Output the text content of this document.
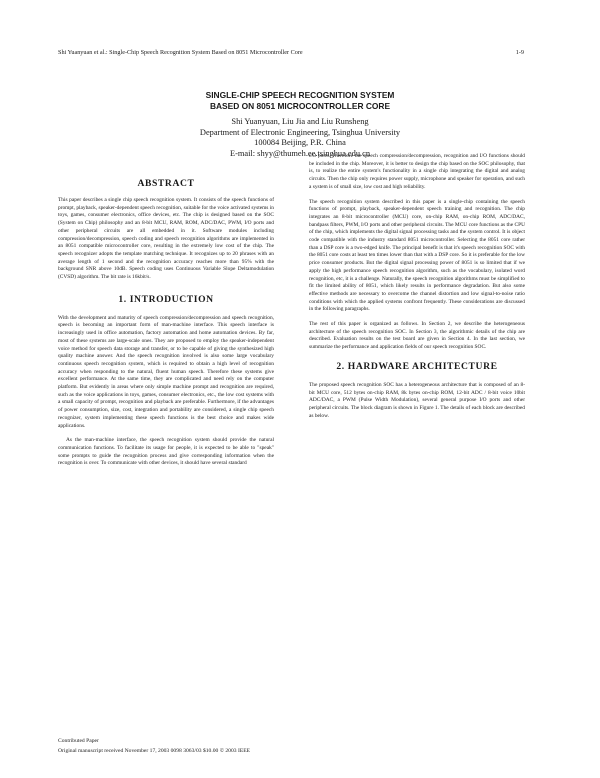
Shi Yuanyuan et al.: Single-Chip Speech Recognition System Based on 8051 Microcontroller Core	1-9
SINGLE-CHIP SPEECH RECOGNITION SYSTEM
BASED ON 8051 MICROCONTROLLER CORE
Shi Yuanyuan, Liu Jia and Liu Runsheng
Department of Electronic Engineering, Tsinghua University
100084 Beijing, P.R. China
E-mail: shyy@thumeh.ee.tsinghua.edu.cn
ABSTRACT

This paper describes a single chip speech recognition system. It consists of the speech functions of prompt, playback, speaker-dependent speech recognition, suitable for the voice activated systems in toys, games, consumer electronics, office devices, etc. The chip is designed based on the SOC (System on Chip) philosophy and an 8-bit MCU, RAM, ROM, ADC/DAC, PWM, I/O ports and other peripheral circuits are all embedded in it. Software modules including compression/decompression, speech coding and speech recognition algorithms are implemented in an 8051 compatible microcontroller core, resulting in the extremely low cost of the chip. The speech recognizer adopts the template matching technique. It recognizes up to 20 phrases with an average length of 1 second and the recognition accuracy reaches more than 95% with the background SNR above 10dB. Speech coding uses Continuous Variable Slope Deltamodulation (CVSD) algorithm. The bit rate is 16kbit/s.

1. INTRODUCTION

With the development and maturity of speech compression/decompression and speech recognition, speech is becoming an important form of man-machine interface. This speech interface is increasingly used in office automation, factory automation and home automation devices. By far, most of these systems are large-scale ones. They are proposed to employ the speaker-independent voice method for speech data storage and transfer, or to be capable of giving the synthesized high quality machine answer. And the speech recognition involved is also some large vocabulary continuous speech recognition system, which is required to obtain a high level of recognition accuracy when responding to the natural, fluent human speech. Therefore these systems give excellent performance. At the same time, they are complicated and need rely on the computer platform. But evidently in areas where only simple machine prompt and recognition are required, such as the voice applications in toys, games, consumer electronics, etc., the low cost systems with a small capacity of prompt, recognition and playback are preferable. Furthermore, if the advantages of power consumption, size, cost, integration and portability are considered, a single chip speech recognizer, system implementing these speech functions is the best choice and makes wide applications.

As the man-machine interface, the speech recognition system should provide the natural communication functions. To facilitate its usage for people, it is expected to be able to "speak" some prompts to guide the recognition process and give corresponding information when the recognition is over. To communicate with other devices, it should have several standard

I/O ports. Therefore the speech compression/decompression, recognition and I/O functions should be included in the chip. Moreover, it is better to design the chip based on the SOC philosophy, that is, to realize the entire system's functionality in a single chip integrating the digital and analog circuits. Then the chip only requires power supply, microphone and speaker for operation, and such a system is of small size, low cost and high reliability.

The speech recognition system described in this paper is a single-chip containing the speech functions of prompt, playback, speaker-dependent speech training and recognition. The chip integrates an 8-bit microcontroller (MCU) core, on-chip RAM, on-chip ROM, ADC/DAC, bandpass filters, PWM, I/O ports and other peripheral circuits. The MCU core functions as the CPU of the chip, which implements the digital signal processing tasks and the system control. It is object code compatible with the industry standard 8051 microcontroller. Selecting the 8051 core rather than a DSP core is a two-edged knife. The principal benefit is that it's speech recognition SOC with the 8051 core costs at least ten times lower than that with a DSP core. So it is preferable for the low price consumer products. But the digital signal processing power of 8051 is so limited that if we apply the high performance speech recognition algorithm, such as the vocabulary, isolated word recognition, etc, it is a challenge. Naturally, the speech recognition algorithms must be simplified to fit the limited ability of 8051, which likely results in performance degradation. But also some effective methods are necessary to overcome the channel distortion and low signal-to-noise ratio conditions with which the applied systems confront frequently. These considerations are discussed in the following paragraphs.

The rest of this paper is organized as follows. In Section 2, we describe the heterogeneous architecture of the speech recognition SOC. In Section 3, the algorithmic details of the chip are described. Evaluation results on the test board are given in Section 4. In the last section, we summarize the performance and application fields of our speech recognition SOC.

2. HARDWARE ARCHITECTURE

The proposed speech recognition SOC has a heterogeneous architecture that is composed of an 8-bit MCU core, 512 bytes on-chip RAM, 8k bytes on-chip ROM, 12-bit ADC / 8-bit voice 10bit ADC/DAC, a PWM (Pulse Width Modulation), several general purpose I/O ports and other peripheral circuits. The block diagram is shown in Figure 1. The details of each block are described as below.

Contributed Paper
Original manuscript received November 17, 2003 0098 3063/03 $10.00 © 2003 IEEE
